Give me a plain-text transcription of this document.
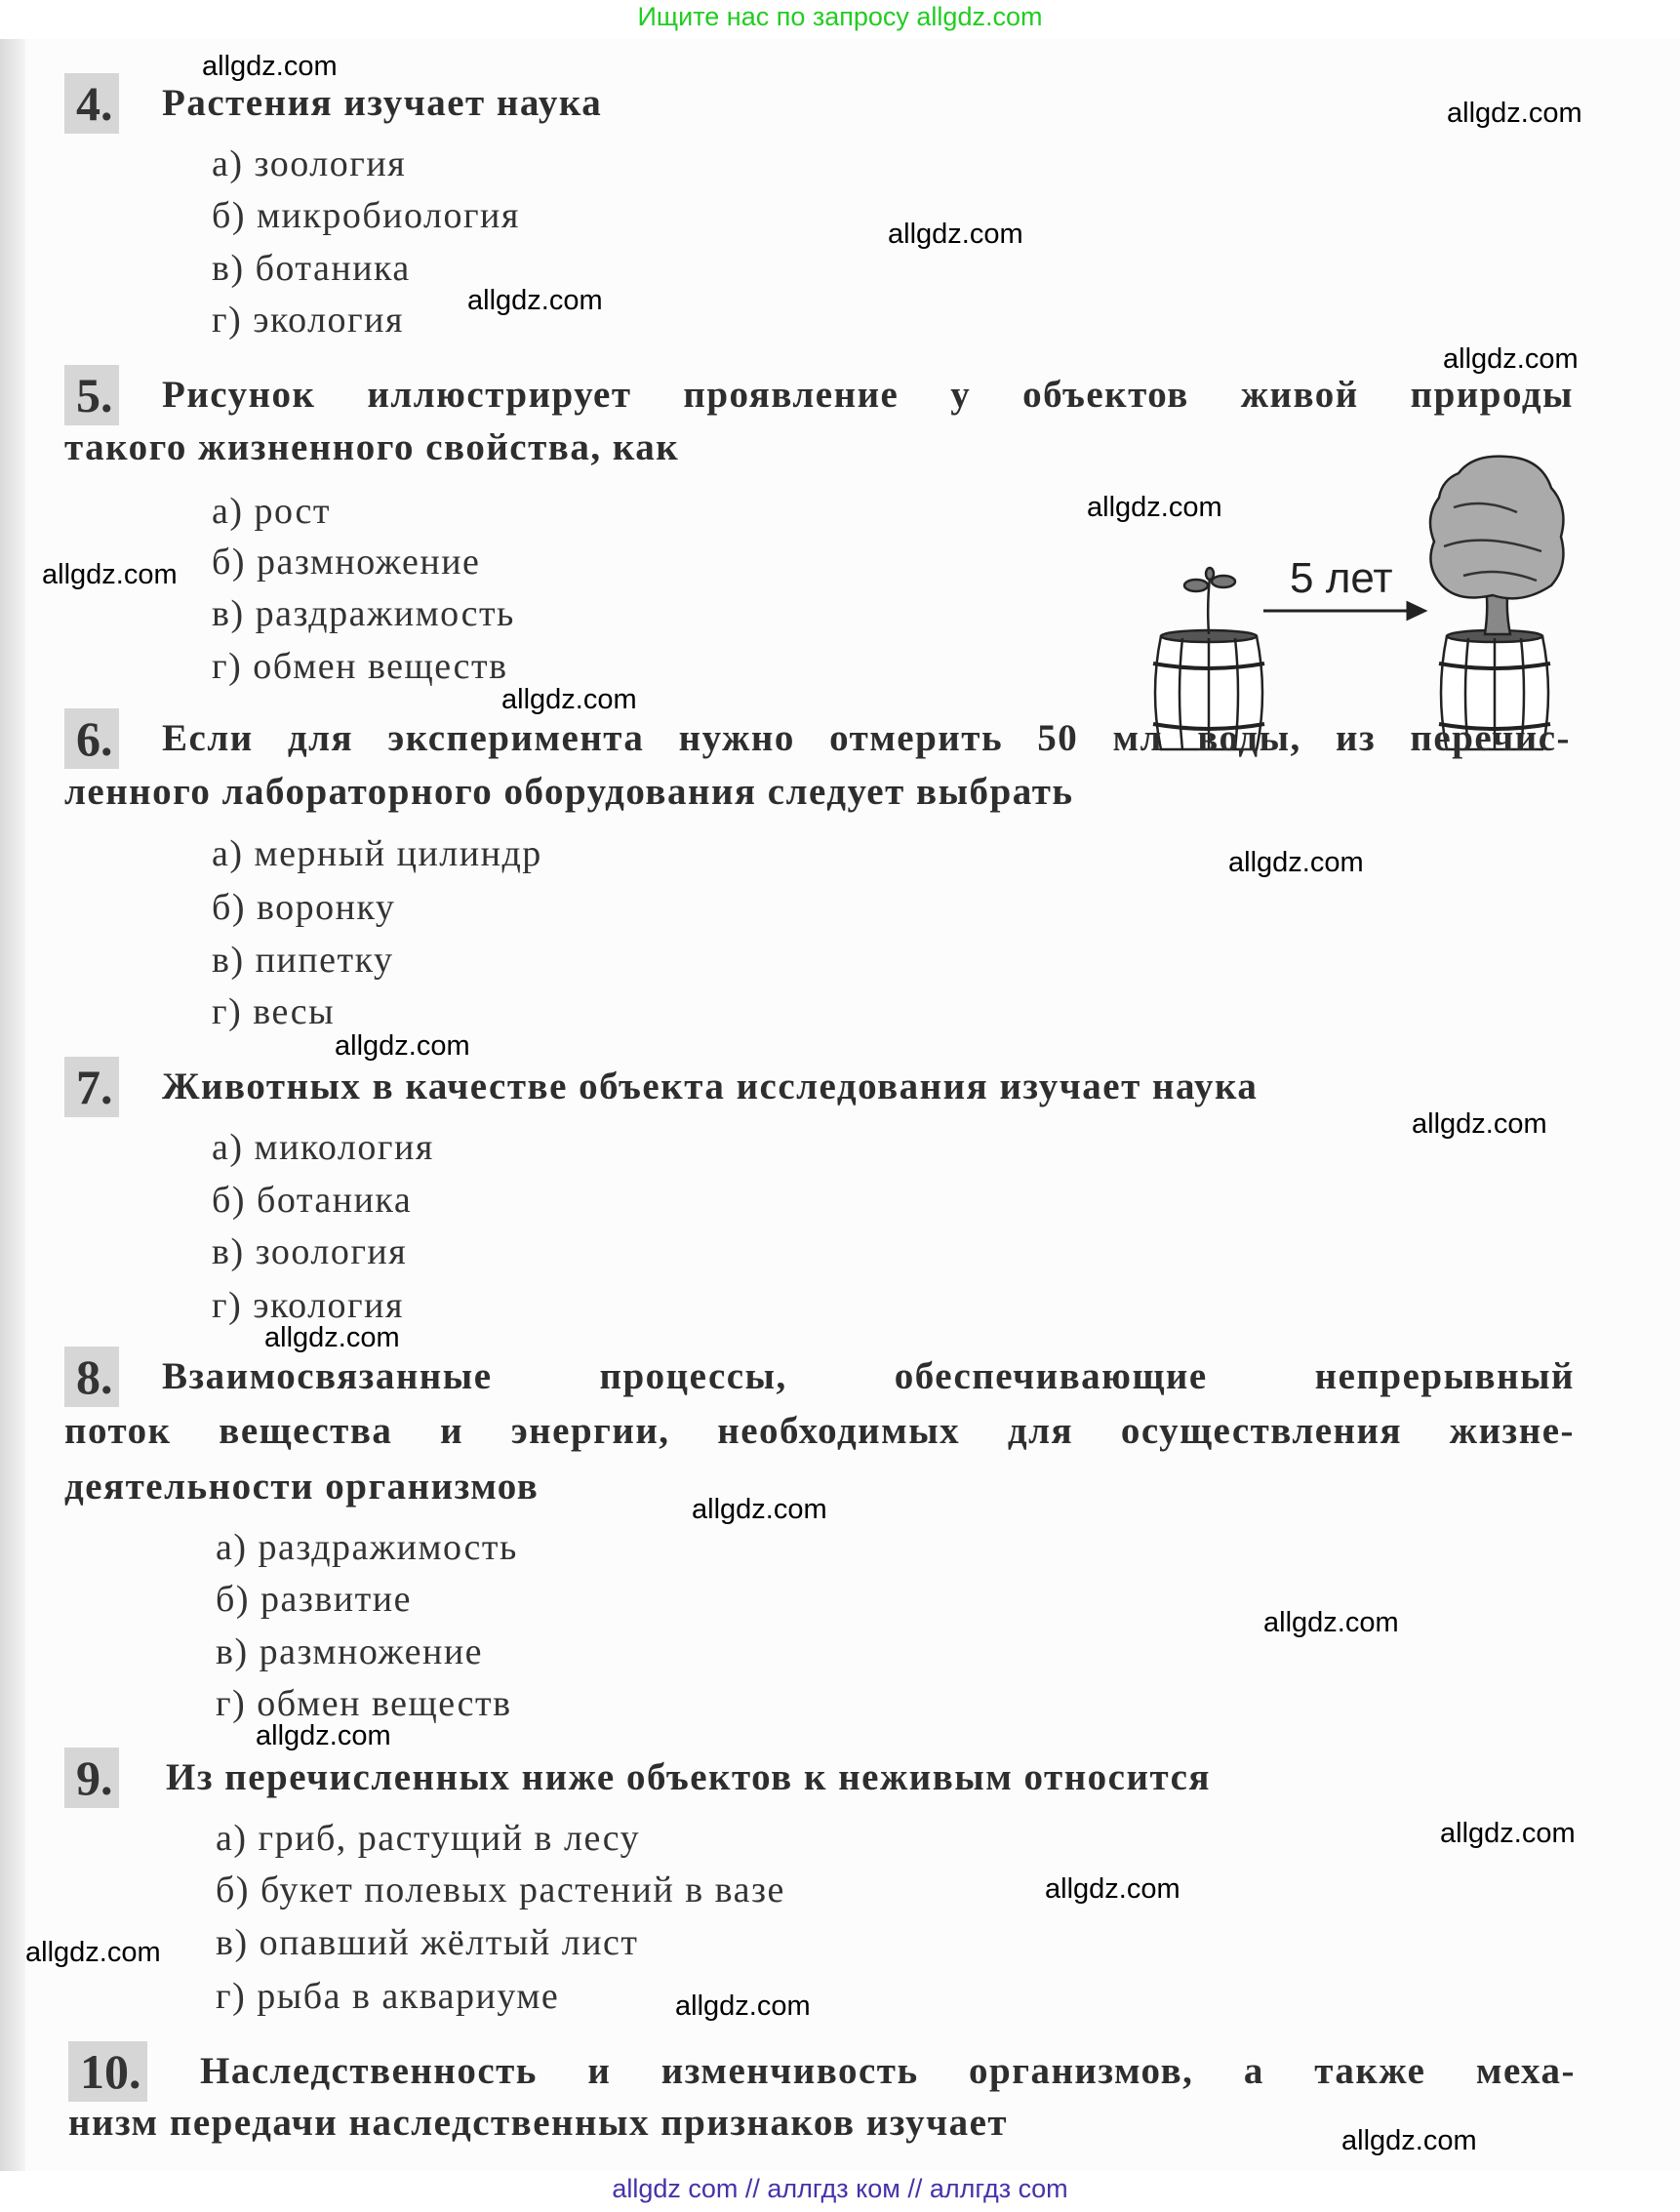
Ищите нас по запросу allgdz.com
4. Растения изучает наука
а) зоология
б) микробиология
в) ботаника
г) экология
5. Рисунок иллюстрирует проявление у объектов живой природы
такого жизненного свойства, как
а) рост
б) размножение
в) раздражимость
г) обмен веществ
5 лет
6. Если для эксперимента нужно отмерить 50 мл воды, из перечис-
ленного лабораторного оборудования следует выбрать
а) мерный цилиндр
б) воронку
в) пипетку
г) весы
7. Животных в качестве объекта исследования изучает наука
а) микология
б) ботаника
в) зоология
г) экология
8. Взаимосвязанные процессы, обеспечивающие непрерывный
поток вещества и энергии, необходимых для осуществления жизне-
деятельности организмов
а) раздражимость
б) развитие
в) размножение
г) обмен веществ
9. Из перечисленных ниже объектов к неживым относится
а) гриб, растущий в лесу
б) букет полевых растений в вазе
в) опавший жёлтый лист
г) рыба в аквариуме
10. Наследственность и изменчивость организмов, а также меха-
низм передачи наследственных признаков изучает
allgdz.com
allgdz.com
allgdz.com
allgdz.com
allgdz.com
allgdz.com
allgdz.com
allgdz.com
allgdz.com
allgdz.com
allgdz.com
allgdz.com
allgdz.com
allgdz.com
allgdz.com
allgdz.com
allgdz.com
allgdz.com
allgdz.com
allgdz.com
allgdz com // аллгдз ком // аллгдз com
